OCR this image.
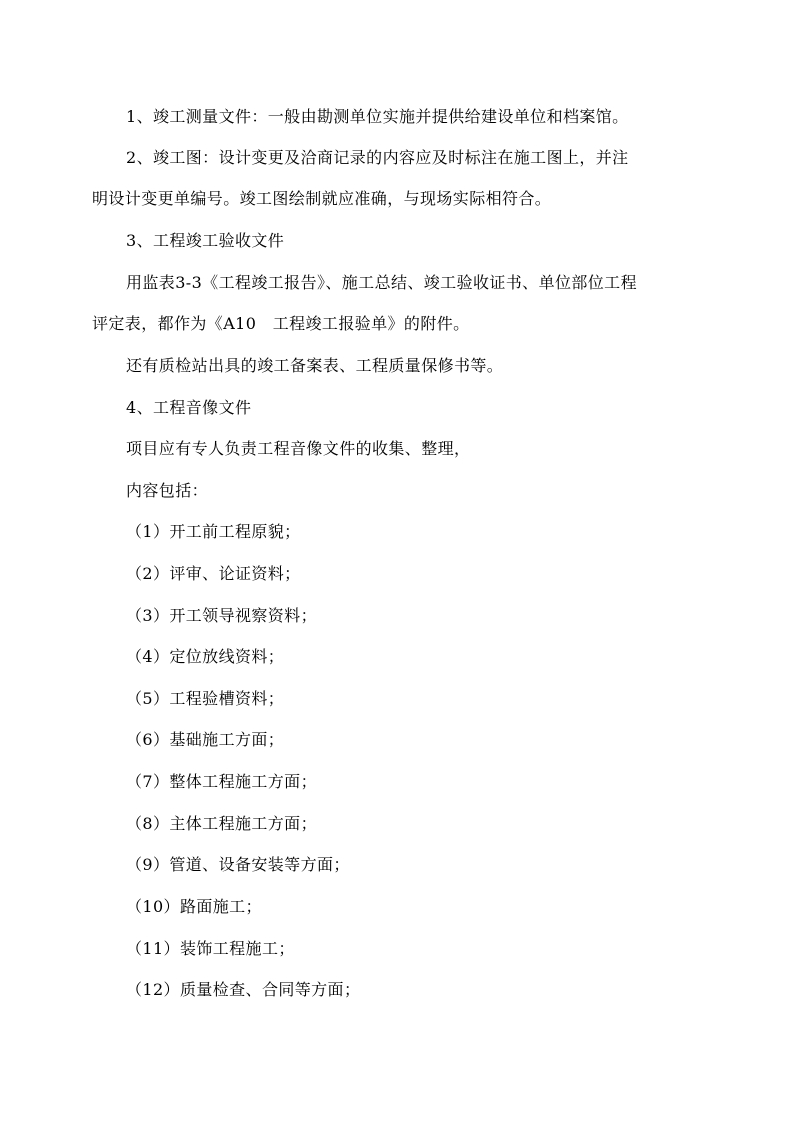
1、竣工测量文件：一般由勘测单位实施并提供给建设单位和档案馆。
2、竣工图：设计变更及洽商记录的内容应及时标注在施工图上，并注
明设计变更单编号。竣工图绘制就应准确，与现场实际相符合。
3、工程竣工验收文件
用监表3-3《工程竣工报告》、施工总结、竣工验收证书、单位部位工程
评定表，都作为《A10　工程竣工报验单》的附件。
还有质检站出具的竣工备案表、工程质量保修书等。
4、工程音像文件
项目应有专人负责工程音像文件的收集、整理，
内容包括：
（1）开工前工程原貌；
（2）评审、论证资料；
（3）开工领导视察资料；
（4）定位放线资料；
（5）工程验槽资料；
（6）基础施工方面；
（7）整体工程施工方面；
（8）主体工程施工方面；
（9）管道、设备安装等方面；
（10）路面施工；
（11）装饰工程施工；
（12）质量检查、合同等方面；
